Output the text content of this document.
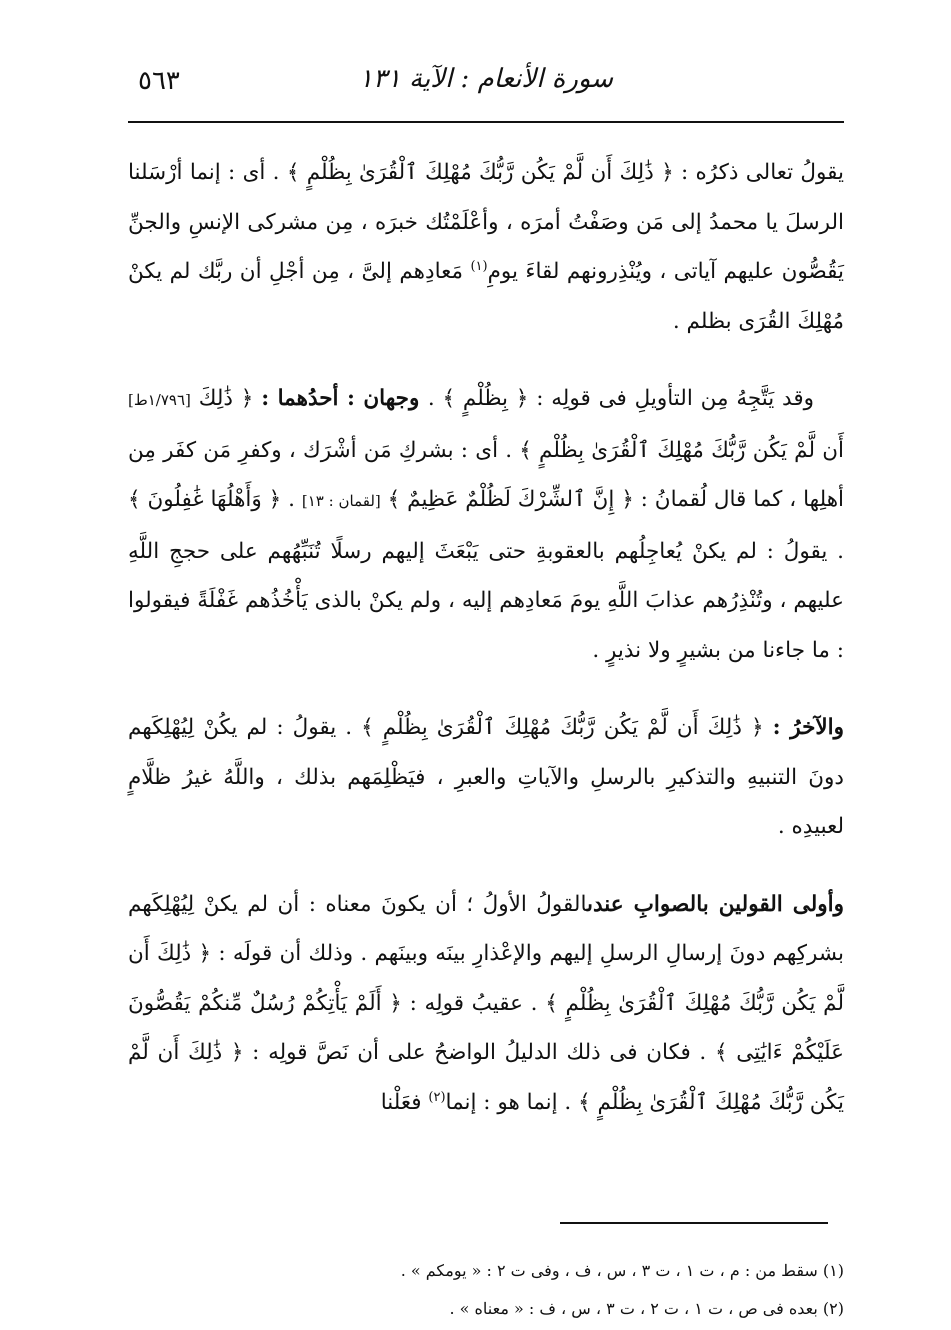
٥٦٣	سورة الأنعام : الآية ١٣١

يقولُ تعالى ذكرُه : ﴿ ذَٰلِكَ أَن لَّمْ يَكُن رَّبُّكَ مُهْلِكَ ٱلْقُرَىٰ بِظُلْمٍ ﴾ . أى : إنما أرْسَلنا الرسلَ يا محمدُ إلى مَن وصَفْتُ أمرَه ، وأعْلَمْتُك خبرَه ، مِن مشركى الإنسِ والجنِّ يَقُصُّون عليهم آياتى ، ويُنْذِرونهم لقاءَ يومِ$^{(١)}$ مَعادِهم إلىَّ ، مِن أجْلِ أن ربَّك لم يكنْ مُهْلِكَ القُرَى بظلم .

وقد يَتَّجِهُ مِن التأويلِ فى قولِه : ﴿ بِظُلْمٍ ﴾ . وجهان : أحدُهما : ﴿ ذَٰلِكَ [١/٧٩٦ط] أَن لَّمْ يَكُن رَّبُّكَ مُهْلِكَ ٱلْقُرَىٰ بِظُلْمٍ ﴾ . أى : بشركِ مَن أشْرَك ، وكفرِ مَن كفَر مِن أهلِها ، كما قال لُقمانُ : ﴿ إِنَّ ٱلشِّرْكَ لَظُلْمٌ عَظِيمٌ ﴾ [لقمان : ١٣] . ﴿ وَأَهْلُهَا غَٰفِلُونَ ﴾ . يقولُ : لم يكنْ يُعاجِلُهم بالعقوبةِ حتى يَبْعَثَ إليهم رسلًا تُنَبِّهُهم على حججِ اللَّهِ عليهم ، وتُنْذِرُهم عذابَ اللَّهِ يومَ مَعادِهم إليه ، ولم يكنْ بالذى يَأْخُذُهم غَفْلَةً فيقولوا : ما جاءنا من بشيرٍ ولا نذيرٍ .

والآخرُ : ﴿ ذَٰلِكَ أَن لَّمْ يَكُن رَّبُّكَ مُهْلِكَ ٱلْقُرَىٰ بِظُلْمٍ ﴾ . يقولُ : لم يكُنْ لِيُهْلِكَهم دونَ التنبيهِ والتذكيرِ بالرسلِ والآياتِ والعبرِ ، فيَظْلِمَهم بذلك ، واللَّهُ غيرُ ظلَّامٍ لعبيدِه .

وأولى القولين بالصوابِ عندىالقولُ الأولُ ؛ أن يكونَ معناه : أن لم يكنْ لِيُهْلِكَهم بشركِهم دونَ إرسالِ الرسلِ إليهم والإعْذارِ بينَه وبينَهم . وذلك أن قولَه : ﴿ ذَٰلِكَ أَن لَّمْ يَكُن رَّبُّكَ مُهْلِكَ ٱلْقُرَىٰ بِظُلْمٍ ﴾ . عقيبُ قولِه : ﴿ أَلَمْ يَأْتِكُمْ رُسُلٌ مِّنكُمْ يَقُصُّونَ عَلَيْكُمْ ءَايَٰتِى ﴾ . فكان فى ذلك الدليلُ الواضحُ على أن نَصَّ قولِه : ﴿ ذَٰلِكَ أَن لَّمْ يَكُن رَّبُّكَ مُهْلِكَ ٱلْقُرَىٰ بِظُلْمٍ ﴾ . إنما هو : إنما$^{(٢)}$ فعَلْنا

(١) سقط من : م ، ت ١ ، ت ٣ ، س ، ف ، وفى ت ٢ : « يومكم » .

(٢) بعده فى ص ، ت ١ ، ت ٢ ، ت ٣ ، س ، ف : « معناه » .
